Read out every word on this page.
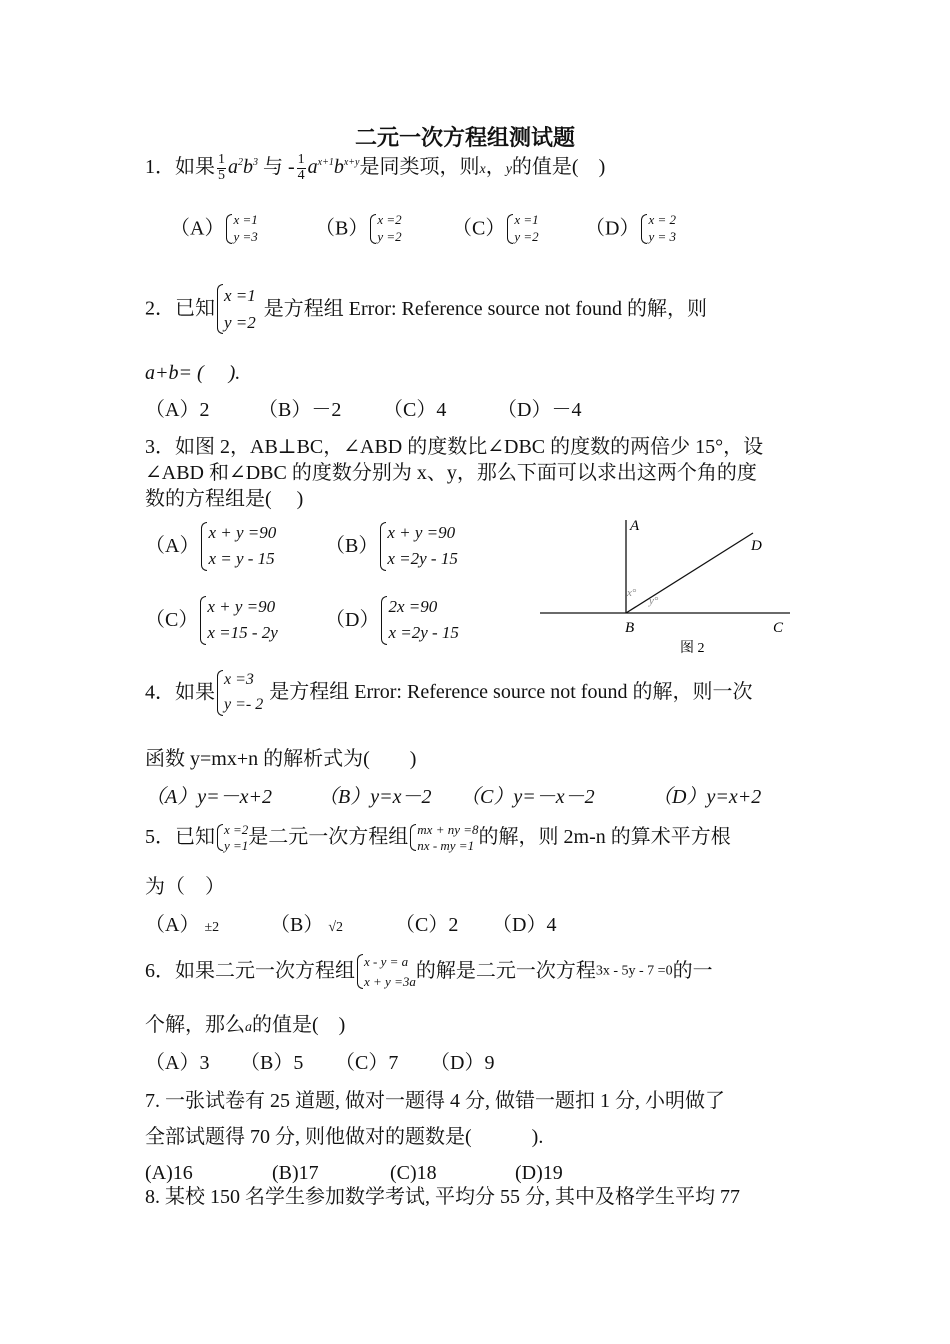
二元一次方程组测试题
1．如果 $\frac{1}{5} a^2b^3$ 与 - $\frac{1}{4} a^{x+1}b^{x+y}$是同类项，则x，y的值是(　)
（A） x =1
y =3	（B） x =2
y =2	（C） x =1
y =2 （D） x = 2
y = 3
2．已知
x =1
y =2
是方程组 Error: Reference source not found 的解，则
a+b= (　 ).
（A）2 （B）－2 （C）4	（D）－4
3．如图 2，AB⊥BC，∠ABD 的度数比∠DBC 的度数的两倍少 15°，设
∠ABD 和∠DBC 的度数分别为 x、y，那么下面可以求出这两个角的度
数的方程组是(　 )
（A）
x + y =90
x = y - 15
（B）
x + y =90
x =2y - 15
（C）
x + y =90
x =15 - 2y
（D）
2x =90
x =2y - 15
A
D
x°
y°
B	C
图 2
4．如果
x =3
y =- 2
是方程组 Error: Reference source not found 的解，则一次
函数 y=mx+n 的解析式为(　　)
（A）y=－x+2 （B）y=x－2 （C）y=－x－2	（D）y=x+2
5．已知 x =2
y =1 是二元一次方程组 mx + ny =8
nx - my =1 的解，则 2m-n 的算术平方根
为（　）
（A） ±2	（B） √2	（C）2 （D）4
6．如果二元一次方程组 x - y = a
x + y =3a 的解是二元一次方程3x - 5y - 7 =0的一
个解，那么a的值是(　)
（A）3 （B）5 （C）7 （D）9
7. 一张试卷有 25 道题, 做对一题得 4 分, 做错一题扣 1 分, 小明做了
全部试题得 70 分, 则他做对的题数是(　　　).
(A)16	(B)17	(C)18	(D)19
8. 某校 150 名学生参加数学考试, 平均分 55 分, 其中及格学生平均 77
